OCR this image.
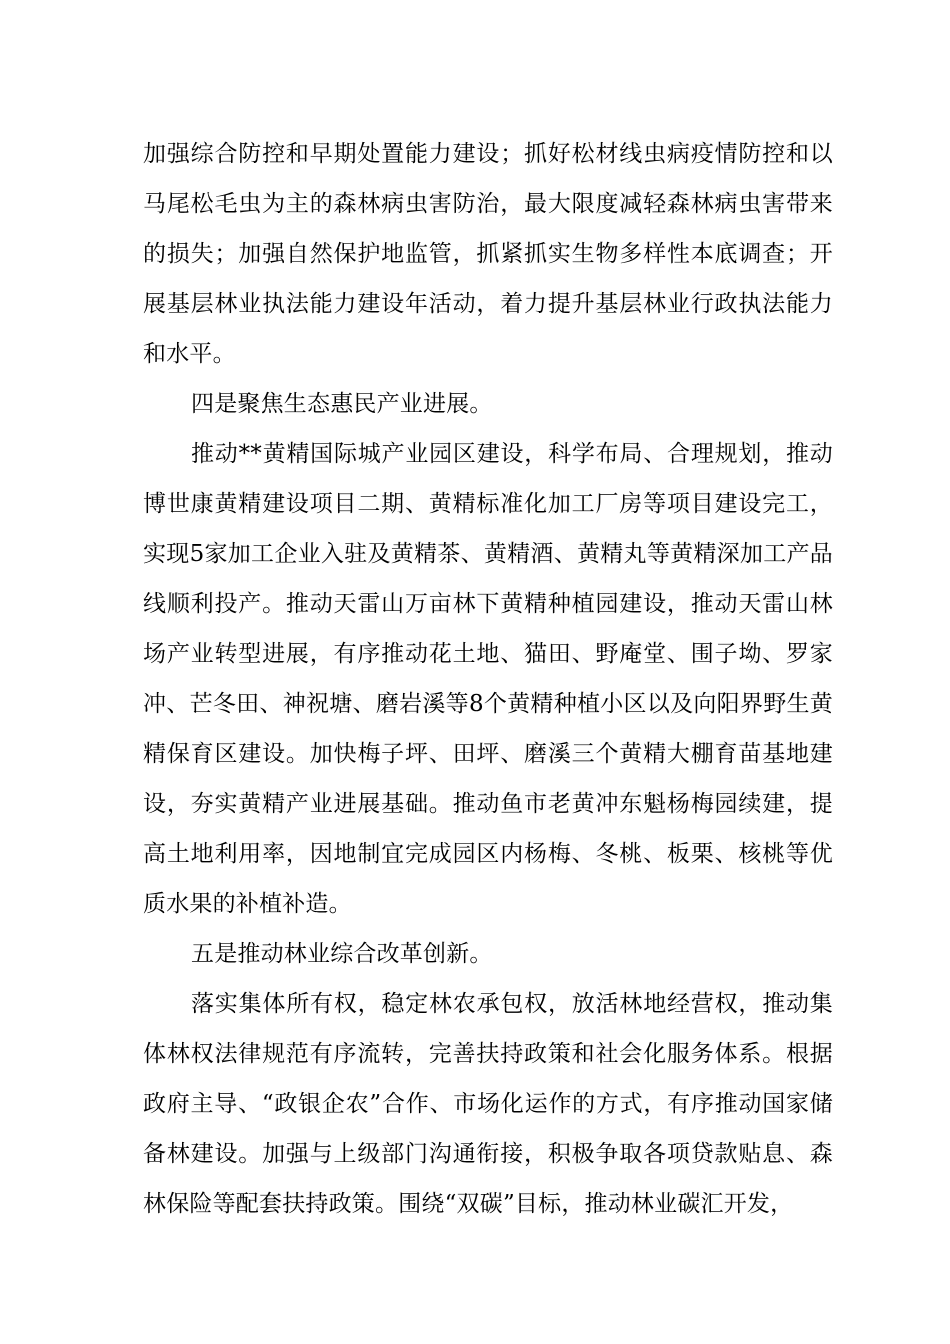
加强综合防控和早期处置能力建设；抓好松材线虫病疫情防控和以马尾松毛虫为主的森林病虫害防治，最大限度减轻森林病虫害带来的损失；加强自然保护地监管，抓紧抓实生物多样性本底调查；开展基层林业执法能力建设年活动，着力提升基层林业行政执法能力和水平。

四是聚焦生态惠民产业进展。

推动**黄精国际城产业园区建设，科学布局、合理规划，推动博世康黄精建设项目二期、黄精标准化加工厂房等项目建设完工，实现5家加工企业入驻及黄精茶、黄精酒、黄精丸等黄精深加工产品线顺利投产。推动天雷山万亩林下黄精种植园建设，推动天雷山林场产业转型进展，有序推动花土地、猫田、野庵堂、围子坳、罗家冲、芒冬田、神祝塘、磨岩溪等8个黄精种植小区以及向阳界野生黄精保育区建设。加快梅子坪、田坪、磨溪三个黄精大棚育苗基地建设，夯实黄精产业进展基础。推动鱼市老黄冲东魁杨梅园续建，提高土地利用率，因地制宜完成园区内杨梅、冬桃、板栗、核桃等优质水果的补植补造。

五是推动林业综合改革创新。

落实集体所有权，稳定林农承包权，放活林地经营权，推动集体林权法律规范有序流转，完善扶持政策和社会化服务体系。根据政府主导、“政银企农”合作、市场化运作的方式，有序推动国家储备林建设。加强与上级部门沟通衔接，积极争取各项贷款贴息、森林保险等配套扶持政策。围绕“双碳”目标，推动林业碳汇开发，
